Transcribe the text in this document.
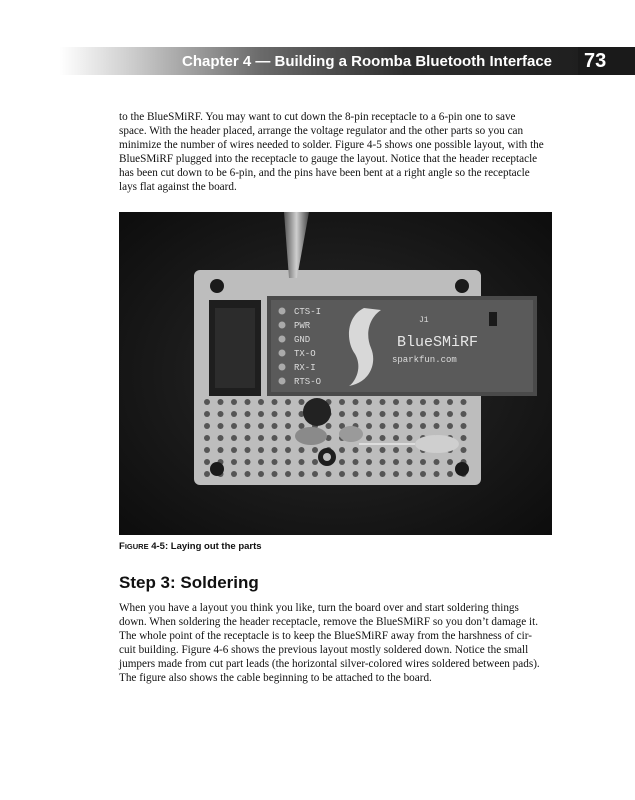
Chapter 4 — Building a Roomba Bluetooth Interface	73

to the BlueSMiRF. You may want to cut down the 8-pin receptacle to a 6-pin one to save
space. With the header placed, arrange the voltage regulator and the other parts so you can
minimize the number of wires needed to solder. Figure 4-5 shows one possible layout, with the
BlueSMiRF plugged into the receptacle to gauge the layout. Notice that the header receptacle
has been cut down to be 6-pin, and the pins have been bent at a right angle so the receptacle
lays flat against the board.

CTS-I
PWR
GND
TX-O
RX-I
RTS-O
J1
sparkfun.com
BlueSMiRF
FIGURE 4-5: Laying out the parts
Step 3: Soldering

When you have a layout you think you like, turn the board over and start soldering things
down. When soldering the header receptacle, remove the BlueSMiRF so you don’t damage it.
The whole point of the receptacle is to keep the BlueSMiRF away from the harshness of cir-
cuit building. Figure 4-6 shows the previous layout mostly soldered down. Notice the small
jumpers made from cut part leads (the horizontal silver-colored wires soldered between pads).
The figure also shows the cable beginning to be attached to the board.
